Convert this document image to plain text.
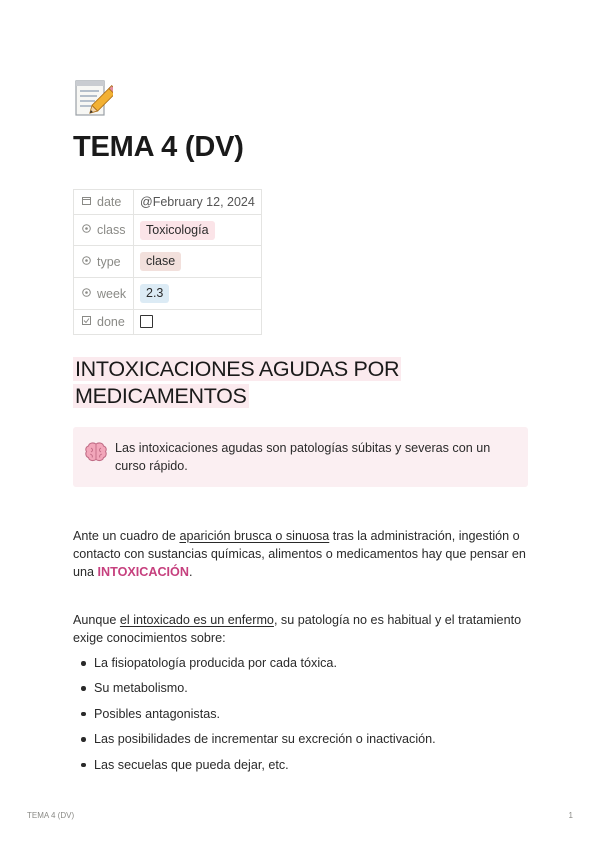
TEMA 4 (DV)
date	@February 12, 2024
class	Toxicología
type	clase
week	2.3
done	
INTOXICACIONES AGUDAS POR
MEDICAMENTOS
Las intoxicaciones agudas son patologías súbitas y severas con un curso rápido.

Ante un cuadro de aparición brusca o sinuosa tras la administración, ingestión o contacto con sustancias químicas, alimentos o medicamentos hay que pensar en una INTOXICACIÓN.

Aunque el intoxicado es un enfermo, su patología no es habitual y el tratamiento exige conocimientos sobre:

La fisiopatología producida por cada tóxica.
Su metabolismo.
Posibles antagonistas.
Las posibilidades de incrementar su excreción o inactivación.
Las secuelas que pueda dejar, etc.
TEMA 4 (DV)	1
